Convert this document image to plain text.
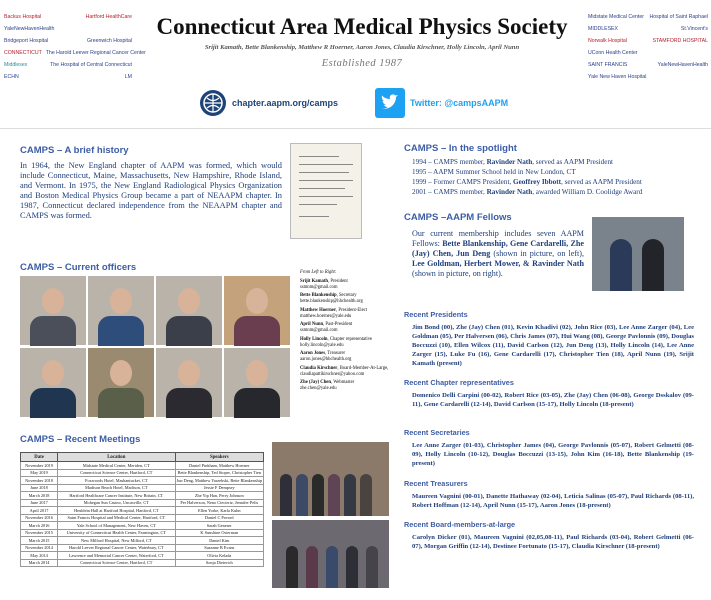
Backus Hospital	Hartford HealthCare
YaleNewHavenHealth
Bridgeport Hospital	Greenwich Hospital
CONNECTICUT The Harold Leever Regional Cancer Center
Middlesex	The Hospital of Central Connecticut
ECHN	LM
Connecticut Area Medical Physics Society
Srijit Kamath, Bette Blankenship, Matthew R Hoerner, Aaron Jones, Claudia Kirschner, Holly Lincoln, April Nunn
Established 1987
chapter.aapm.org/camps	Twitter: @campsAAPM
Midstate Medical Center Hospital of Saint Raphael
MIDDLESEX	St.Vincent's
Norwalk Hospital	STAMFORD HOSPITAL
UConn Health Center
SAINT FRANCIS	YaleNewHavenHealth
Yale New Haven Hospital
CAMPS – A brief history
In 1964, the New England chapter of AAPM was formed, which would include Connecticut, Maine, Massachusetts, New Hampshire, Rhode Island, and Vermont. In 1975, the New England Radiological Physics Organization and Boston Medical Physics Group became a part of NEAAPM chapter. In 1987, Connecticut declared independence from the NEAAPM chapter and CAMPS was formed.
CAMPS – Current officers	From Left to Right:
Srijit Kamath, President
ssmnm@gmail.com
Bette Blankenship, Secretary
bette.blankenship@hhchealth.org
Matthew Hoerner, President-Elect
matthew.hoerner@yale.edu
April Nunn, Past-President
ssmnm@gmail.com
Holly Lincoln, Chapter representative
holly.lincoln@yale.edu
Aaron Jones, Treasurer
aaron.jones@hhchealth.org
Claudia Kirschner, Board-Member-At-Large,
claudiapattikirschner@yahoo.com
Zhe (Jay) Chen, Webmaster
zhe.chen@yale.edu
CAMPS – Recent Meetings
Date	Location	Speakers
November 2019	Midstate Medical Center, Meriden, CT	Daniel Pinkham, Matthew Hoerner
May 2019	Connecticut Science Center, Hartford, CT	Bette Blankenship, Ted Stoper, Christopher Tien
November 2018	Foxwoods Hotel, Mashantucket, CT	Jun Deng, Matthew Yarzebski, Bette Blankenship
June 2018	Madison Beach Hotel, Madison, CT	Jessie F Dempsey
March 2018	Hartford Healthcare Cancer Institute, New Britain, CT	Zhe Yip Han, Perry Johnson
June 2017	Mohegan Sun Casino, Uncasville, CT	Per Halverson, Neno Ciecieriz, Jennifer Pelis
April 2017	Heublein Hall at Hartford Hospital, Hartford, CT	Ellen Yorke, Karla Kuhn
November 2016	Saint Francis Hospital and Medical Center, Hartford, CT	Daniel C Pavord
March 2016	Yale School of Management, New Haven, CT	Sarah Geneser
November 2015	University of Connecticut Health Center, Farmington, CT	K Sunshine Osterman
March 2015	New Milford Hospital, New Milford, CT	Daniel Kim
November 2014	Harold Leever Regional Cancer Center, Waterbury, CT	Suzanne B Evans
May 2014	Lawrence and Memorial Cancer Center, Waterford, CT	Olivia Kelada
March 2014	Connecticut Science Center, Hartford, CT	Sonja Dieterich
CAMPS – In the spotlight
1994 – CAMPS member, Ravinder Nath, served as AAPM President
1995 – AAPM Summer School held in New London, CT
1999 – Former CAMPS President, Geoffrey Ibbott, served as AAPM President
2001 – CAMPS member, Ravinder Nath, awarded William D. Coolidge Award
CAMPS –AAPM Fellows
Our current membership includes seven AAPM Fellows: Bette Blankenship, Gene Cardarelli, Zhe (Jay) Chen, Jun Deng (shown in picture, on left), Lee Goldman, Herbert Mower, & Ravinder Nath (shown in picture, on right).
Recent Presidents
Jim Bond (00), Zhe (Jay) Chen (01), Kevin Khadivi (02), John Rice (03), Lee Anne Zarger (04), Lee Goldman (05), Per Halversen (06), Chris James (07), Hui Wang (08), George Pavlonnis (09), Douglas Boccuzzi (10), Ellen Wilcox (11), David Carlson (12), Jun Deng (13), Holly Lincoln (14), Lee Anne Zarger (15), Luke Fu (16), Gene Cardarelli (17), Christopher Tien (18), April Nunn (19), Srijit Kamath (present)
Recent Chapter representatives
Domenico Delli Carpini (00-02), Robert Rice (03-05), Zhe (Jay) Chen (06-08), George Dsskalov (09-11), Gene Cardarelli (12-14), David Carlson (15-17), Holly Lincoln (18-present)
Recent Secretaries
Lee Anne Zarger (01-03), Christopher James (04), George Pavlonnis (05-07), Robert Gelmetti (08-09), Holly Lincoln (10-12), Douglas Boccuzzi (13-15), John Kim (16-18), Bette Blankenship (19-present)
Recent Treasurers
Maureen Vagnini (00-01), Danette Hathaway (02-04), Leticia Salinas (05-07), Paul Richards (08-11), Robert Hoffman (12-14), April Nunn (15-17), Aaron Jones (18-present)
Recent Board-members-at-large
Carolyn Dicker (01), Maureen Vagnini (02,05,08-11), Paul Richards (03-04), Robert Gelmetti (06-07), Morgan Griffin (12-14), Destinee Fortunato (15-17), Claudia Kirschner (18-present)
